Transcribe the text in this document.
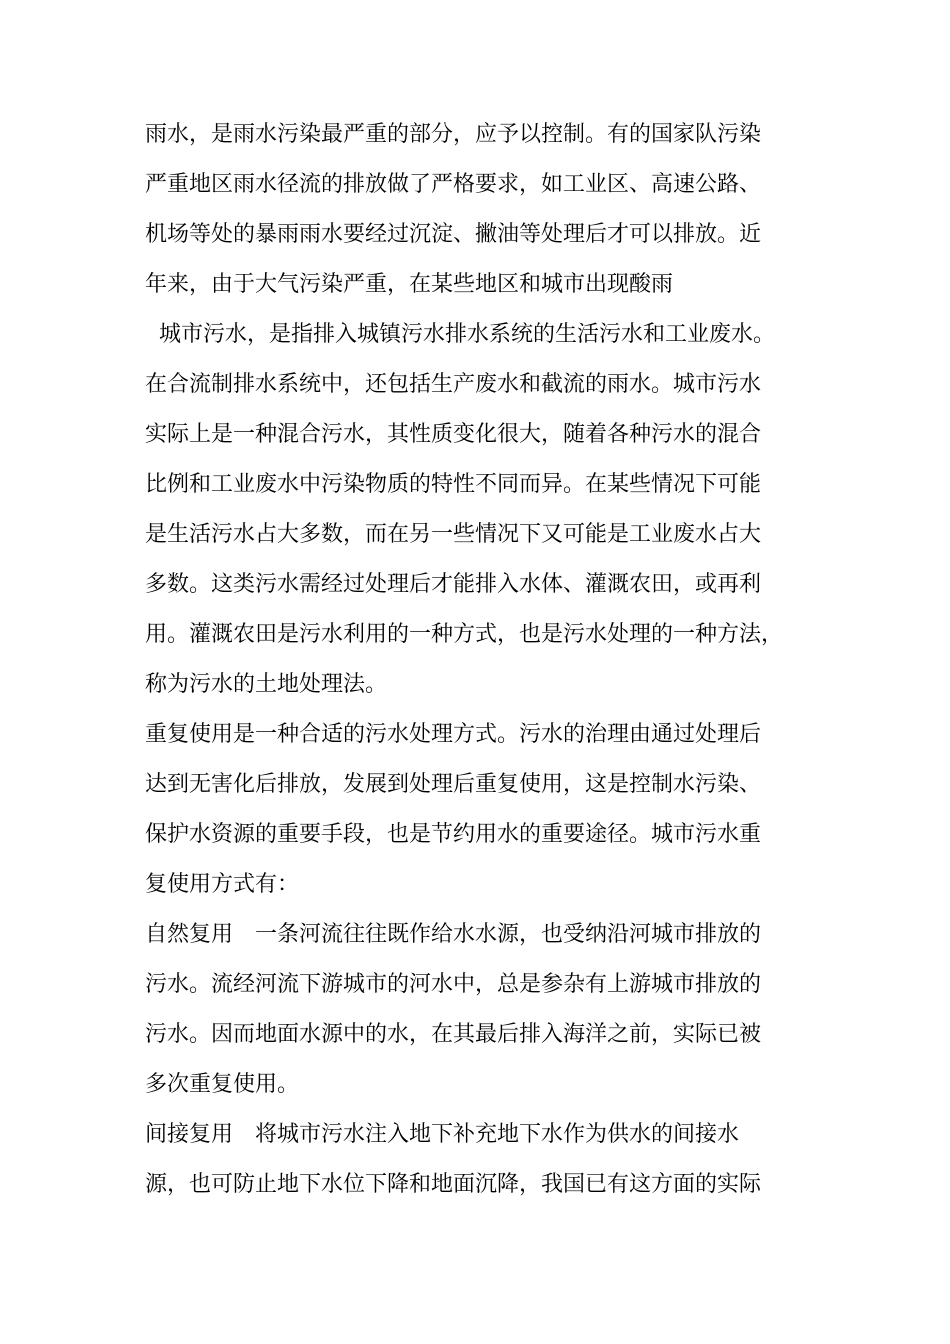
雨水，是雨水污染最严重的部分，应予以控制。有的国家队污染
严重地区雨水径流的排放做了严格要求，如工业区、高速公路、
机场等处的暴雨雨水要经过沉淀、撇油等处理后才可以排放。近
年来，由于大气污染严重，在某些地区和城市出现酸雨
城市污水，是指排入城镇污水排水系统的生活污水和工业废水。
在合流制排水系统中，还包括生产废水和截流的雨水。城市污水
实际上是一种混合污水，其性质变化很大，随着各种污水的混合
比例和工业废水中污染物质的特性不同而异。在某些情况下可能
是生活污水占大多数，而在另一些情况下又可能是工业废水占大
多数。这类污水需经过处理后才能排入水体、灌溉农田，或再利
用。灌溉农田是污水利用的一种方式，也是污水处理的一种方法，
称为污水的土地处理法。
重复使用是一种合适的污水处理方式。污水的治理由通过处理后
达到无害化后排放，发展到处理后重复使用，这是控制水污染、
保护水资源的重要手段，也是节约用水的重要途径。城市污水重
复使用方式有：
自然复用　一条河流往往既作给水水源，也受纳沿河城市排放的
污水。流经河流下游城市的河水中，总是参杂有上游城市排放的
污水。因而地面水源中的水，在其最后排入海洋之前，实际已被
多次重复使用。
间接复用　将城市污水注入地下补充地下水作为供水的间接水
源，也可防止地下水位下降和地面沉降，我国已有这方面的实际
